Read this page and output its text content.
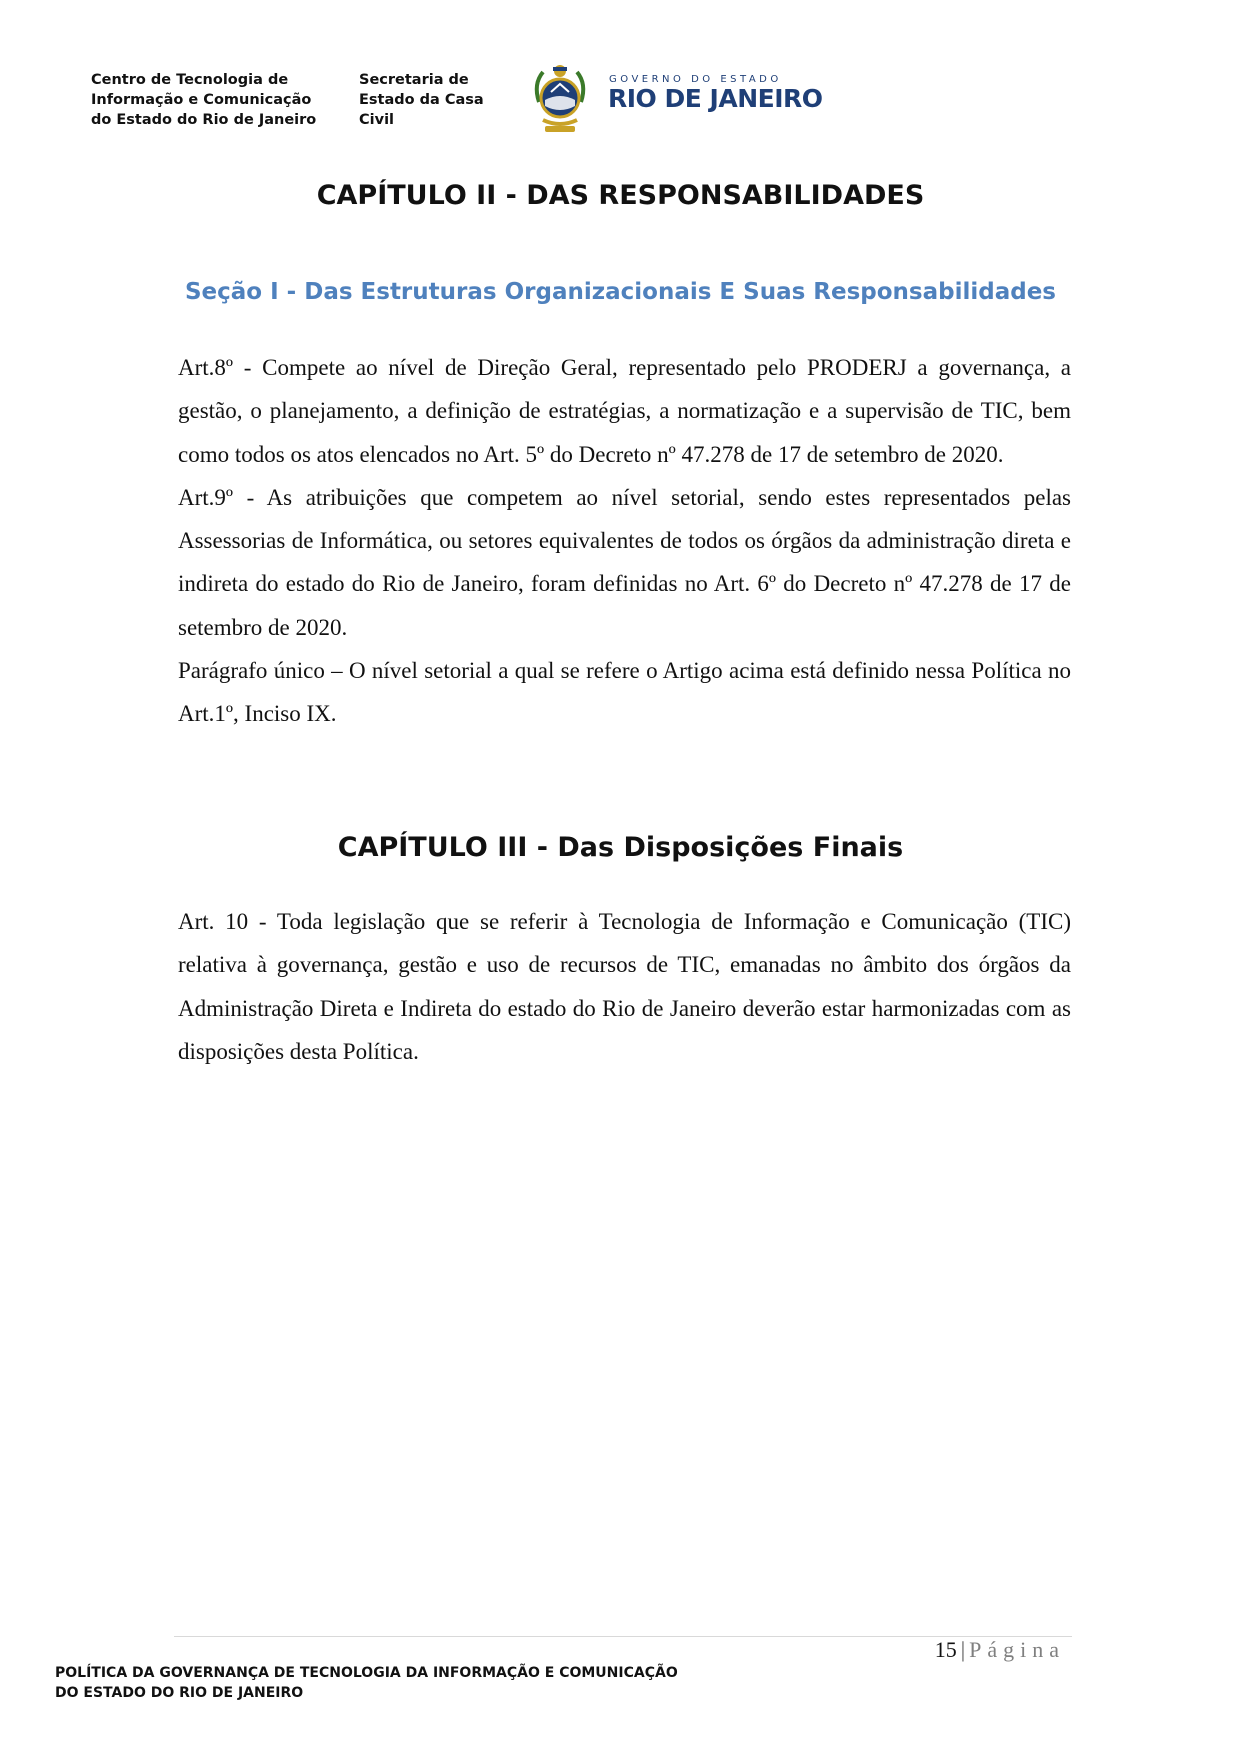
Centro de Tecnologia de
Informação e Comunicação
do Estado do Rio de Janeiro
Secretaria de
Estado da Casa
Civil
GOVERNO DO ESTADO
RIO DE JANEIRO
CAPÍTULO II - DAS RESPONSABILIDADES
Seção I - Das Estruturas Organizacionais E Suas Responsabilidades

Art.8º - Compete ao nível de Direção Geral, representado pelo PRODERJ a governança, a gestão, o planejamento, a definição de estratégias, a normatização e a supervisão de TIC, bem como todos os atos elencados no Art. 5º do Decreto nº 47.278 de 17 de setembro de 2020.

Art.9º - As atribuições que competem ao nível setorial, sendo estes representados pelas Assessorias de Informática, ou setores equivalentes de todos os órgãos da administração direta e indireta do estado do Rio de Janeiro, foram definidas no Art. 6º do Decreto nº 47.278 de 17 de setembro de 2020.

Parágrafo único – O nível setorial a qual se refere o Artigo acima está definido nessa Política no Art.1º, Inciso IX.

CAPÍTULO III - Das Disposições Finais

Art. 10 - Toda legislação que se referir à Tecnologia de Informação e Comunicação (TIC) relativa à governança, gestão e uso de recursos de TIC, emanadas no âmbito dos órgãos da Administração Direta e Indireta do estado do Rio de Janeiro deverão estar harmonizadas com as disposições desta Política.

15 | Página
POLÍTICA DA GOVERNANÇA DE TECNOLOGIA DA INFORMAÇÃO E COMUNICAÇÃO
DO ESTADO DO RIO DE JANEIRO
